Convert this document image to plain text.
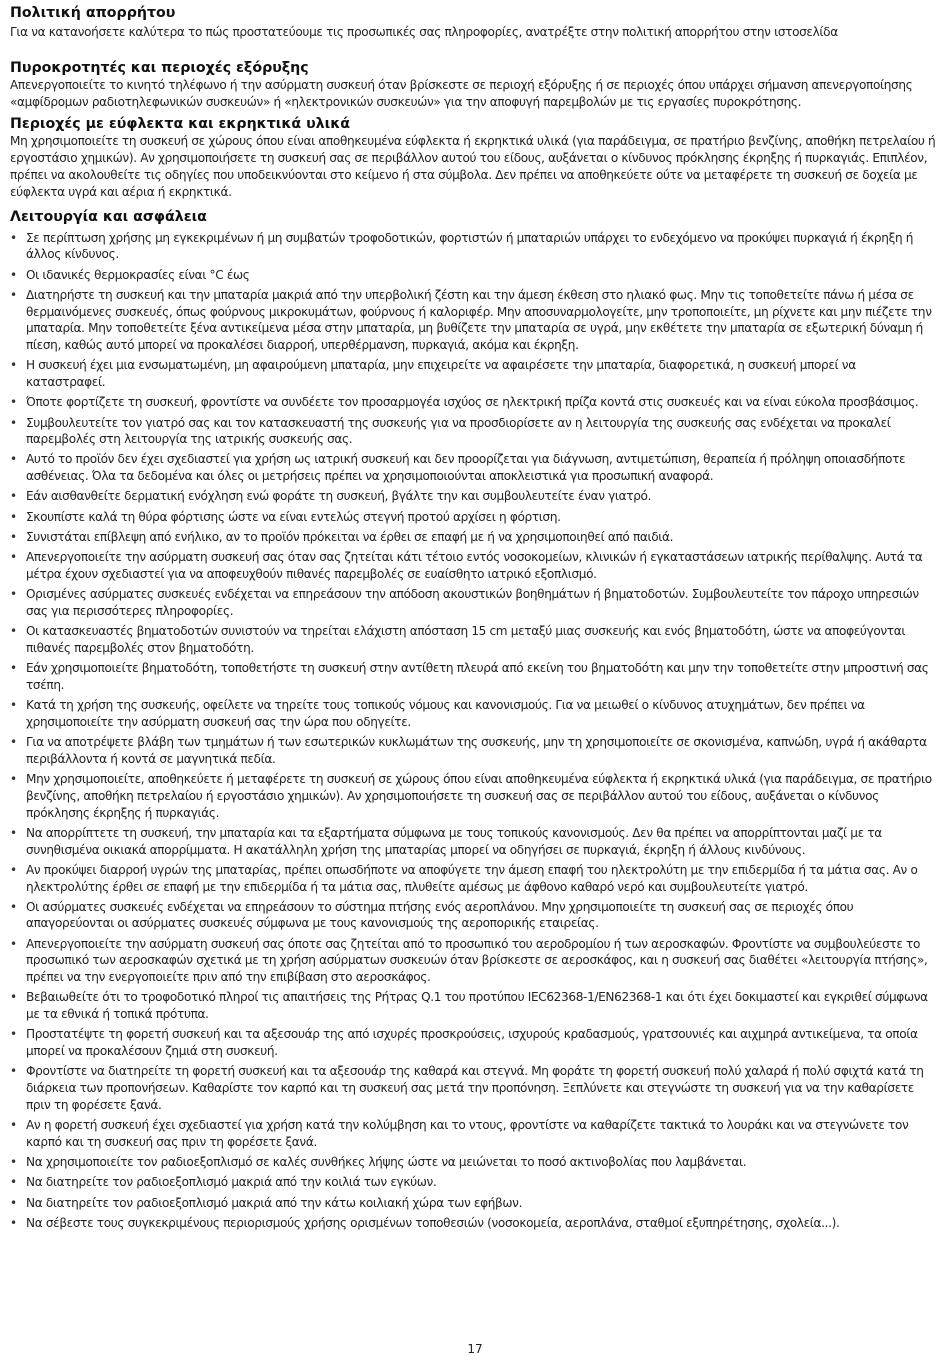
Πολιτική απορρήτου

Για να κατανοήσετε καλύτερα το πώς προστατεύουμε τις προσωπικές σας πληροφορίες, ανατρέξτε στην πολιτική απορρήτου στην ιστοσελίδα

Πυροκροτητές και περιοχές εξόρυξης

Απενεργοποιείτε το κινητό τηλέφωνο ή την ασύρματη συσκευή όταν βρίσκεστε σε περιοχή εξόρυξης ή σε περιοχές όπου υπάρχει σήμανση απενεργοποίησης «αμφίδρομων ραδιοτηλεφωνικών συσκευών» ή «ηλεκτρονικών συσκευών» για την αποφυγή παρεμβολών με τις εργασίες πυροκρότησης.

Περιοχές με εύφλεκτα και εκρηκτικά υλικά

Μη χρησιμοποιείτε τη συσκευή σε χώρους όπου είναι αποθηκευμένα εύφλεκτα ή εκρηκτικά υλικά (για παράδειγμα, σε πρατήριο βενζίνης, αποθήκη πετρελαίου ή εργοστάσιο χημικών). Αν χρησιμοποιήσετε τη συσκευή σας σε περιβάλλον αυτού του είδους, αυξάνεται ο κίνδυνος πρόκλησης έκρηξης ή πυρκαγιάς. Επιπλέον, πρέπει να ακολουθείτε τις οδηγίες που υποδεικνύονται στο κείμενο ή στα σύμβολα. Δεν πρέπει να αποθηκεύετε ούτε να μεταφέρετε τη συσκευή σε δοχεία με εύφλεκτα υγρά και αέρια ή εκρηκτικά.

Λειτουργία και ασφάλεια
• Σε περίπτωση χρήσης μη εγκεκριμένων ή μη συμβατών τροφοδοτικών, φορτιστών ή μπαταριών υπάρχει το ενδεχόμενο να προκύψει πυρκαγιά ή έκρηξη ή άλλος κίνδυνος.
• Οι ιδανικές θερμοκρασίες είναι °C έως
• Διατηρήστε τη συσκευή και την μπαταρία μακριά από την υπερβολική ζέστη και την άμεση έκθεση στο ηλιακό φως. Μην τις τοποθετείτε πάνω ή μέσα σε θερμαινόμενες συσκευές, όπως φούρνους μικροκυμάτων, φούρνους ή καλοριφέρ. Μην αποσυναρμολογείτε, μην τροποποιείτε, μη ρίχνετε και μην πιέζετε την μπαταρία. Μην τοποθετείτε ξένα αντικείμενα μέσα στην μπαταρία, μη βυθίζετε την μπαταρία σε υγρά, μην εκθέτετε την μπαταρία σε εξωτερική δύναμη ή πίεση, καθώς αυτό μπορεί να προκαλέσει διαρροή, υπερθέρμανση, πυρκαγιά, ακόμα και έκρηξη.
• Η συσκευή έχει μια ενσωματωμένη, μη αφαιρούμενη μπαταρία, μην επιχειρείτε να αφαιρέσετε την μπαταρία, διαφορετικά, η συσκευή μπορεί να καταστραφεί.
• Όποτε φορτίζετε τη συσκευή, φροντίστε να συνδέετε τον προσαρμογέα ισχύος σε ηλεκτρική πρίζα κοντά στις συσκευές και να είναι εύκολα προσβάσιμος.
• Συμβουλευτείτε τον γιατρό σας και τον κατασκευαστή της συσκευής για να προσδιορίσετε αν η λειτουργία της συσκευής σας ενδέχεται να προκαλεί παρεμβολές στη λειτουργία της ιατρικής συσκευής σας.
• Αυτό το προϊόν δεν έχει σχεδιαστεί για χρήση ως ιατρική συσκευή και δεν προορίζεται για διάγνωση, αντιμετώπιση, θεραπεία ή πρόληψη οποιασδήποτε ασθένειας. Όλα τα δεδομένα και όλες οι μετρήσεις πρέπει να χρησιμοποιούνται αποκλειστικά για προσωπική αναφορά.
• Εάν αισθανθείτε δερματική ενόχληση ενώ φοράτε τη συσκευή, βγάλτε την και συμβουλευτείτε έναν γιατρό.
• Σκουπίστε καλά τη θύρα φόρτισης ώστε να είναι εντελώς στεγνή προτού αρχίσει η φόρτιση.
• Συνιστάται επίβλεψη από ενήλικο, αν το προϊόν πρόκειται να έρθει σε επαφή με ή να χρησιμοποιηθεί από παιδιά.
• Απενεργοποιείτε την ασύρματη συσκευή σας όταν σας ζητείται κάτι τέτοιο εντός νοσοκομείων, κλινικών ή εγκαταστάσεων ιατρικής περίθαλψης. Αυτά τα μέτρα έχουν σχεδιαστεί για να αποφευχθούν πιθανές παρεμβολές σε ευαίσθητο ιατρικό εξοπλισμό.
• Ορισμένες ασύρματες συσκευές ενδέχεται να επηρεάσουν την απόδοση ακουστικών βοηθημάτων ή βηματοδοτών. Συμβουλευτείτε τον πάροχο υπηρεσιών σας για περισσότερες πληροφορίες.
• Οι κατασκευαστές βηματοδοτών συνιστούν να τηρείται ελάχιστη απόσταση 15 cm μεταξύ μιας συσκευής και ενός βηματοδότη, ώστε να αποφεύγονται πιθανές παρεμβολές στον βηματοδότη.
• Εάν χρησιμοποιείτε βηματοδότη, τοποθετήστε τη συσκευή στην αντίθετη πλευρά από εκείνη του βηματοδότη και μην την τοποθετείτε στην μπροστινή σας τσέπη.
• Κατά τη χρήση της συσκευής, οφείλετε να τηρείτε τους τοπικούς νόμους και κανονισμούς. Για να μειωθεί ο κίνδυνος ατυχημάτων, δεν πρέπει να χρησιμοποιείτε την ασύρματη συσκευή σας την ώρα που οδηγείτε.
• Για να αποτρέψετε βλάβη των τμημάτων ή των εσωτερικών κυκλωμάτων της συσκευής, μην τη χρησιμοποιείτε σε σκονισμένα, καπνώδη, υγρά ή ακάθαρτα περιβάλλοντα ή κοντά σε μαγνητικά πεδία.
• Μην χρησιμοποιείτε, αποθηκεύετε ή μεταφέρετε τη συσκευή σε χώρους όπου είναι αποθηκευμένα εύφλεκτα ή εκρηκτικά υλικά (για παράδειγμα, σε πρατήριο βενζίνης, αποθήκη πετρελαίου ή εργοστάσιο χημικών). Αν χρησιμοποιήσετε τη συσκευή σας σε περιβάλλον αυτού του είδους, αυξάνεται ο κίνδυνος πρόκλησης έκρηξης ή πυρκαγιάς.
• Να απορρίπτετε τη συσκευή, την μπαταρία και τα εξαρτήματα σύμφωνα με τους τοπικούς κανονισμούς. Δεν θα πρέπει να απορρίπτονται μαζί με τα συνηθισμένα οικιακά απορρίμματα. Η ακατάλληλη χρήση της μπαταρίας μπορεί να οδηγήσει σε πυρκαγιά, έκρηξη ή άλλους κινδύνους.
• Αν προκύψει διαρροή υγρών της μπαταρίας, πρέπει οπωσδήποτε να αποφύγετε την άμεση επαφή του ηλεκτρολύτη με την επιδερμίδα ή τα μάτια σας. Αν ο ηλεκτρολύτης έρθει σε επαφή με την επιδερμίδα ή τα μάτια σας, πλυθείτε αμέσως με άφθονο καθαρό νερό και συμβουλευτείτε γιατρό.
• Οι ασύρματες συσκευές ενδέχεται να επηρεάσουν το σύστημα πτήσης ενός αεροπλάνου. Μην χρησιμοποιείτε τη συσκευή σας σε περιοχές όπου απαγορεύονται οι ασύρματες συσκευές σύμφωνα με τους κανονισμούς της αεροπορικής εταιρείας.
• Απενεργοποιείτε την ασύρματη συσκευή σας όποτε σας ζητείται από το προσωπικό του αεροδρομίου ή των αεροσκαφών. Φροντίστε να συμβουλεύεστε το προσωπικό των αεροσκαφών σχετικά με τη χρήση ασύρματων συσκευών όταν βρίσκεστε σε αεροσκάφος, και η συσκευή σας διαθέτει «λειτουργία πτήσης», πρέπει να την ενεργοποιείτε πριν από την επιβίβαση στο αεροσκάφος.
• Βεβαιωθείτε ότι το τροφοδοτικό πληροί τις απαιτήσεις της Ρήτρας Q.1 του προτύπου IEC62368-1/EN62368-1 και ότι έχει δοκιμαστεί και εγκριθεί σύμφωνα με τα εθνικά ή τοπικά πρότυπα.
• Προστατέψτε τη φορετή συσκευή και τα αξεσουάρ της από ισχυρές προσκρούσεις, ισχυρούς κραδασμούς, γρατσουνιές και αιχμηρά αντικείμενα, τα οποία μπορεί να προκαλέσουν ζημιά στη συσκευή.
• Φροντίστε να διατηρείτε τη φορετή συσκευή και τα αξεσουάρ της καθαρά και στεγνά. Μη φοράτε τη φορετή συσκευή πολύ χαλαρά ή πολύ σφιχτά κατά τη διάρκεια των προπονήσεων. Καθαρίστε τον καρπό και τη συσκευή σας μετά την προπόνηση. Ξεπλύνετε και στεγνώστε τη συσκευή για να την καθαρίσετε πριν τη φορέσετε ξανά.
• Αν η φορετή συσκευή έχει σχεδιαστεί για χρήση κατά την κολύμβηση και το ντους, φροντίστε να καθαρίζετε τακτικά το λουράκι και να στεγνώνετε τον καρπό και τη συσκευή σας πριν τη φορέσετε ξανά.
• Να χρησιμοποιείτε τον ραδιοεξοπλισμό σε καλές συνθήκες λήψης ώστε να μειώνεται το ποσό ακτινοβολίας που λαμβάνεται.
• Να διατηρείτε τον ραδιοεξοπλισμό μακριά από την κοιλιά των εγκύων.
• Να διατηρείτε τον ραδιοεξοπλισμό μακριά από την κάτω κοιλιακή χώρα των εφήβων.
• Να σέβεστε τους συγκεκριμένους περιορισμούς χρήσης ορισμένων τοποθεσιών (νοσοκομεία, αεροπλάνα, σταθμοί εξυπηρέτησης, σχολεία...).
17
